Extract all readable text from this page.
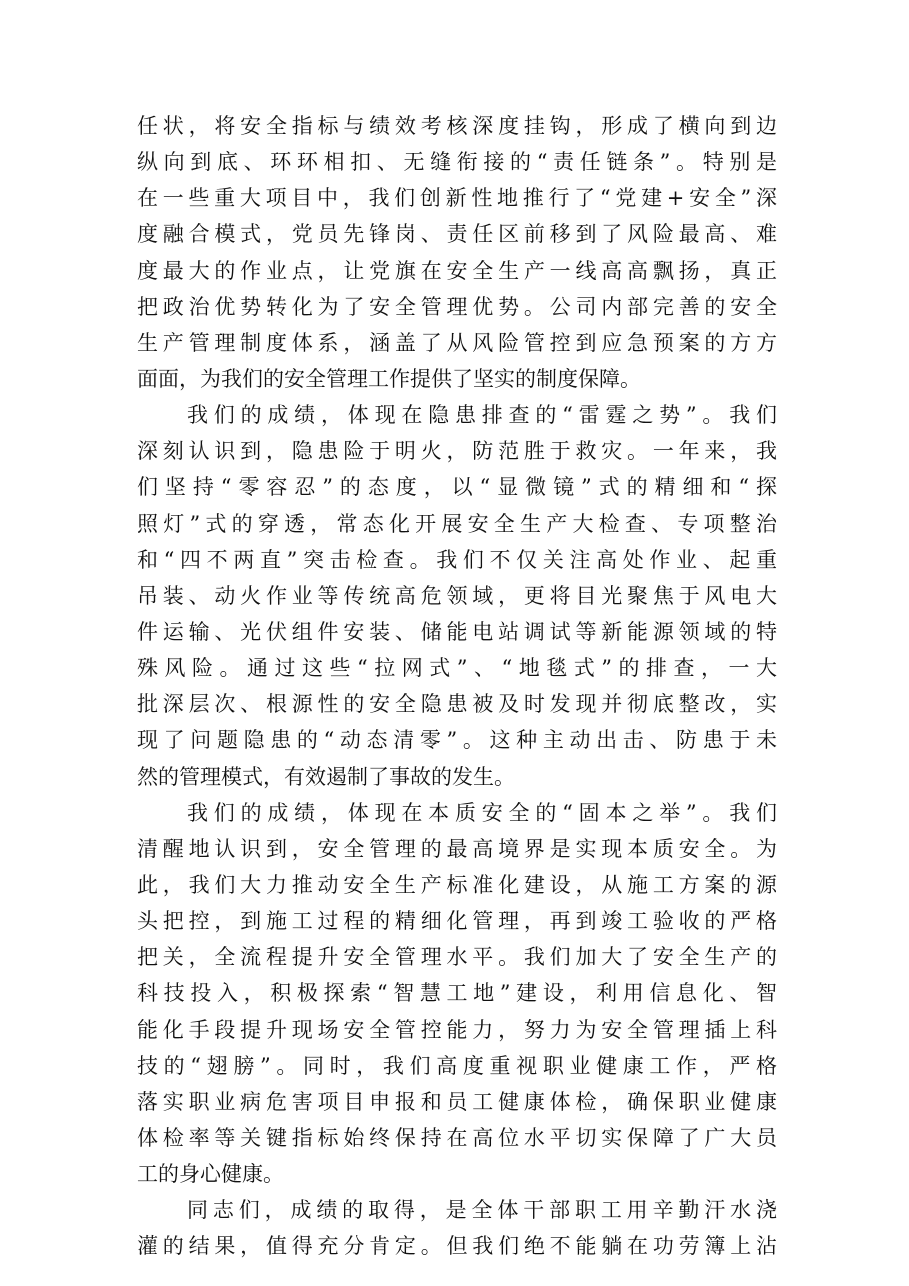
任状，将安全指标与绩效考核深度挂钩，形成了横向到边
纵向到底、环环相扣、无缝衔接的“责任链条”。特别是
在一些重大项目中，我们创新性地推行了“党建+安全”深
度融合模式，党员先锋岗、责任区前移到了风险最高、难
度最大的作业点，让党旗在安全生产一线高高飘扬，真正
把政治优势转化为了安全管理优势。公司内部完善的安全
生产管理制度体系，涵盖了从风险管控到应急预案的方方
面面，为我们的安全管理工作提供了坚实的制度保障。
我们的成绩，体现在隐患排查的“雷霆之势”。我们
深刻认识到，隐患险于明火，防范胜于救灾。一年来，我
们坚持“零容忍”的态度，以“显微镜”式的精细和“探
照灯”式的穿透，常态化开展安全生产大检查、专项整治
和“四不两直”突击检查。我们不仅关注高处作业、起重
吊装、动火作业等传统高危领域，更将目光聚焦于风电大
件运输、光伏组件安装、储能电站调试等新能源领域的特
殊风险。通过这些“拉网式”、“地毯式”的排查，一大
批深层次、根源性的安全隐患被及时发现并彻底整改，实
现了问题隐患的“动态清零”。这种主动出击、防患于未
然的管理模式，有效遏制了事故的发生。
我们的成绩，体现在本质安全的“固本之举”。我们
清醒地认识到，安全管理的最高境界是实现本质安全。为
此，我们大力推动安全生产标准化建设，从施工方案的源
头把控，到施工过程的精细化管理，再到竣工验收的严格
把关，全流程提升安全管理水平。我们加大了安全生产的
科技投入，积极探索“智慧工地”建设，利用信息化、智
能化手段提升现场安全管控能力，努力为安全管理插上科
技的“翅膀”。同时，我们高度重视职业健康工作，严格
落实职业病危害项目申报和员工健康体检，确保职业健康
体检率等关键指标始终保持在高位水平切实保障了广大员
工的身心健康。
同志们，成绩的取得，是全体干部职工用辛勤汗水浇
灌的结果，值得充分肯定。但我们绝不能躺在功劳簿上沾
